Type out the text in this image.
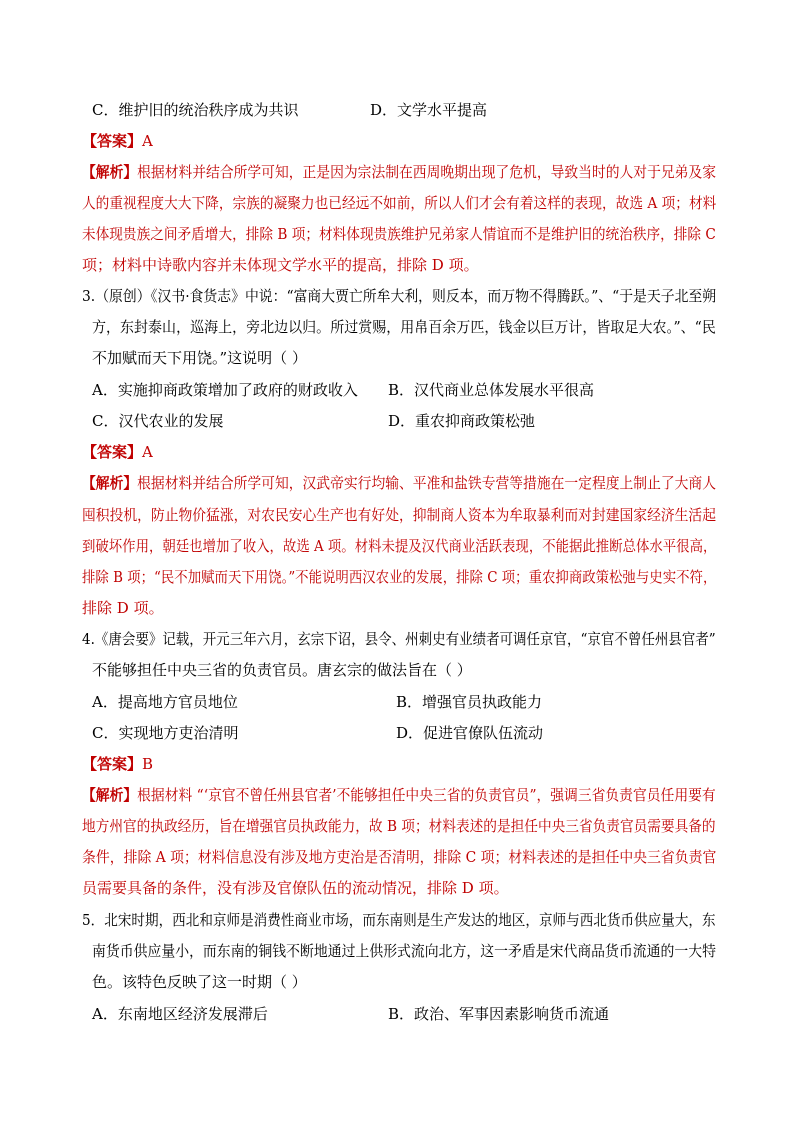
C．维护旧的统治秩序成为共识	D．文学水平提高
【答案】A
【解析】根据材料并结合所学可知，正是因为宗法制在西周晚期出现了危机，导致当时的人对于兄弟及家
人的重视程度大大下降，宗族的凝聚力也已经远不如前，所以人们才会有着这样的表现，故选 A 项；材料
未体现贵族之间矛盾增大，排除 B 项；材料体现贵族维护兄弟家人情谊而不是维护旧的统治秩序，排除 C
项；材料中诗歌内容并未体现文学水平的提高，排除 D 项。
3.（原创）《汉书·食货志》中说：“富商大贾亡所牟大利，则反本，而万物不得腾跃。”、“于是天子北至朔
方，东封泰山，巡海上，旁北边以归。所过赏赐，用帛百余万匹，钱金以巨万计，皆取足大农。”、“民
不加赋而天下用饶。”这说明（ ）
A．实施抑商政策增加了政府的财政收入 B．汉代商业总体发展水平很高
C．汉代农业的发展	D．重农抑商政策松弛
【答案】A
【解析】根据材料并结合所学可知，汉武帝实行均输、平准和盐铁专营等措施在一定程度上制止了大商人
囤积投机，防止物价猛涨，对农民安心生产也有好处，抑制商人资本为牟取暴利而对封建国家经济生活起
到破坏作用，朝廷也增加了收入，故选 A 项。材料未提及汉代商业活跃表现，不能据此推断总体水平很高，
排除 B 项；“民不加赋而天下用饶。”不能说明西汉农业的发展，排除 C 项；重农抑商政策松弛与史实不符，
排除 D 项。
4.《唐会要》记载，开元三年六月，玄宗下诏，县令、州刺史有业绩者可调任京官，“京官不曾任州县官者”
不能够担任中央三省的负责官员。唐玄宗的做法旨在（ ）
A．提高地方官员地位	B．增强官员执政能力
C．实现地方吏治清明	D．促进官僚队伍流动
【答案】B
【解析】根据材料 “‘京官不曾任州县官者’不能够担任中央三省的负责官员”，强调三省负责官员任用要有
地方州官的执政经历，旨在增强官员执政能力，故 B 项；材料表述的是担任中央三省负责官员需要具备的
条件，排除 A 项；材料信息没有涉及地方吏治是否清明，排除 C 项；材料表述的是担任中央三省负责官
员需要具备的条件，没有涉及官僚队伍的流动情况，排除 D 项。
5．北宋时期，西北和京师是消费性商业市场，而东南则是生产发达的地区，京师与西北货币供应量大，东
南货币供应量小，而东南的铜钱不断地通过上供形式流向北方，这一矛盾是宋代商品货币流通的一大特
色。该特色反映了这一时期（ ）
A．东南地区经济发展滞后	B．政治、军事因素影响货币流通
